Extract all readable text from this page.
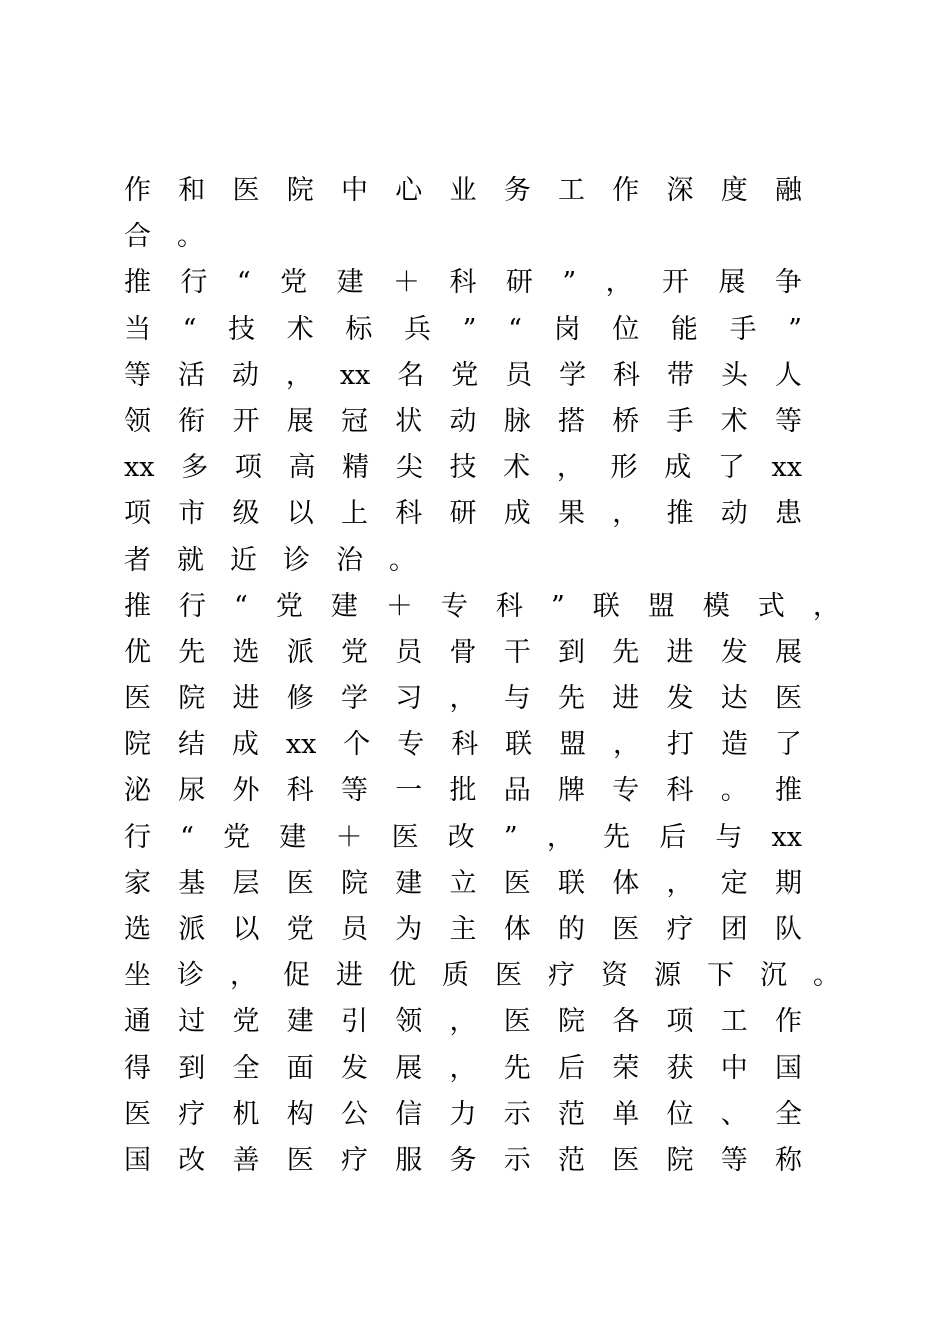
作 和 医 院 中 心 业 务 工 作 深 度 融
合 。
推 行 “ 党 建 ＋ 科 研 ” ， 开 展 争
当 “ 技 术 标 兵 ” “ 岗 位 能 手 ”
等 活 动 ， xx 名 党 员 学 科 带 头 人
领 衔 开 展 冠 状 动 脉 搭 桥 手 术 等
xx 多 项 高 精 尖 技 术 ， 形 成 了 xx
项 市 级 以 上 科 研 成 果 ， 推 动 患
者 就 近 诊 治 。
推 行 “ 党 建 ＋ 专 科 ” 联 盟 模 式 ，
优 先 选 派 党 员 骨 干 到 先 进 发 展
医 院 进 修 学 习 ， 与 先 进 发 达 医
院 结 成 xx 个 专 科 联 盟 ， 打 造 了
泌 尿 外 科 等 一 批 品 牌 专 科 。 推
行 “ 党 建 ＋ 医 改 ” ， 先 后 与 xx
家 基 层 医 院 建 立 医 联 体 ， 定 期
选 派 以 党 员 为 主 体 的 医 疗 团 队
坐 诊 ， 促 进 优 质 医 疗 资 源 下 沉 。
通 过 党 建 引 领 ， 医 院 各 项 工 作
得 到 全 面 发 展 ， 先 后 荣 获 中 国
医 疗 机 构 公 信 力 示 范 单 位 、 全
国 改 善 医 疗 服 务 示 范 医 院 等 称
